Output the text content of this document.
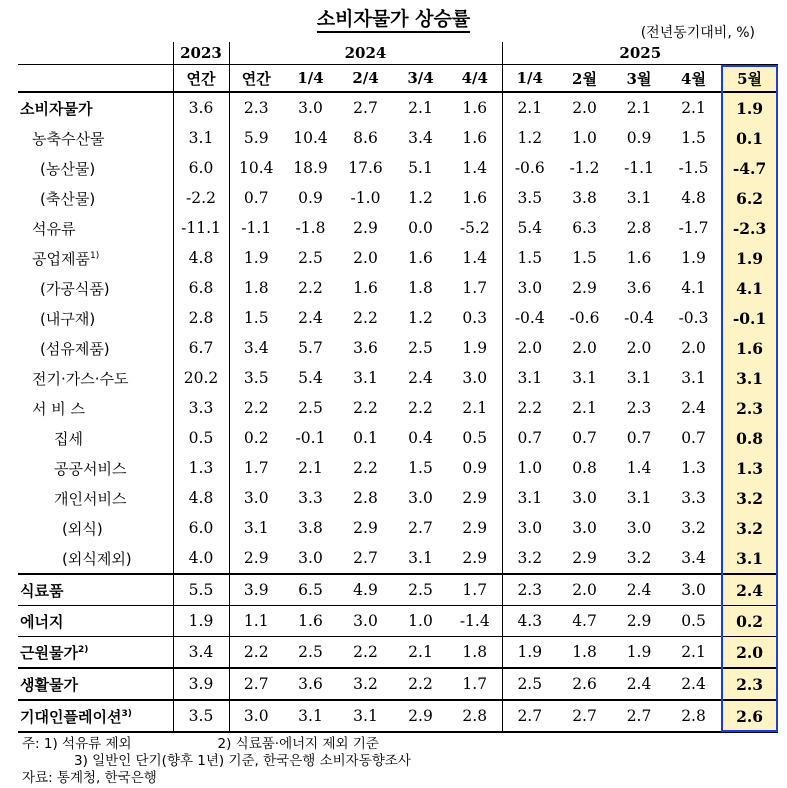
소비자물가 상승률
(전년동기대비, %)
	2023	2024					2025				
	연간	연간	1/4	2/4	3/4	4/4	1/4	2월	3월	4월	5월
소비자물가	3.6	2.3	3.0	2.7	2.1	1.6	2.1	2.0	2.1	2.1	1.9
농축수산물	3.1	5.9	10.4	8.6	3.4	1.6	1.2	1.0	0.9	1.5	0.1
(농산물)	6.0	10.4	18.9	17.6	5.1	1.4	-0.6	-1.2	-1.1	-1.5	-4.7
(축산물)	-2.2	0.7	0.9	-1.0	1.2	1.6	3.5	3.8	3.1	4.8	6.2
석유류	-11.1	-1.1	-1.8	2.9	0.0	-5.2	5.4	6.3	2.8	-1.7	-2.3
공업제품$^{1)}$	4.8	1.9	2.5	2.0	1.6	1.4	1.5	1.5	1.6	1.9	1.9
(가공식품)	6.8	1.8	2.2	1.6	1.8	1.7	3.0	2.9	3.6	4.1	4.1
(내구재)	2.8	1.5	2.4	2.2	1.2	0.3	-0.4	-0.6	-0.4	-0.3	-0.1
(섬유제품)	6.7	3.4	5.7	3.6	2.5	1.9	2.0	2.0	2.0	2.0	1.6
전기·가스·수도	20.2	3.5	5.4	3.1	2.4	3.0	3.1	3.1	3.1	3.1	3.1
서 비 스	3.3	2.2	2.5	2.2	2.2	2.1	2.2	2.1	2.3	2.4	2.3
집세	0.5	0.2	-0.1	0.1	0.4	0.5	0.7	0.7	0.7	0.7	0.8
공공서비스	1.3	1.7	2.1	2.2	1.5	0.9	1.0	0.8	1.4	1.3	1.3
개인서비스	4.8	3.0	3.3	2.8	3.0	2.9	3.1	3.0	3.1	3.3	3.2
(외식)	6.0	3.1	3.8	2.9	2.7	2.9	3.0	3.0	3.0	3.2	3.2
(외식제외)	4.0	2.9	3.0	2.7	3.1	2.9	3.2	2.9	3.2	3.4	3.1
식료품	5.5	3.9	6.5	4.9	2.5	1.7	2.3	2.0	2.4	3.0	2.4
에너지	1.9	1.1	1.6	3.0	1.0	-1.4	4.3	4.7	2.9	0.5	0.2
근원물가$^{2)}$	3.4	2.2	2.5	2.2	2.1	1.8	1.9	1.8	1.9	2.1	2.0
생활물가	3.9	2.7	3.6	3.2	2.2	1.7	2.5	2.6	2.4	2.4	2.3
기대인플레이션$^{3)}$	3.5	3.0	3.1	3.1	2.9	2.8	2.7	2.7	2.7	2.8	2.6
주: 1) 석유류 제외	2) 식료품·에너지 제외 기준
3) 일반인 단기(향후 1년) 기준, 한국은행 소비자동향조사
자료: 통계청, 한국은행
